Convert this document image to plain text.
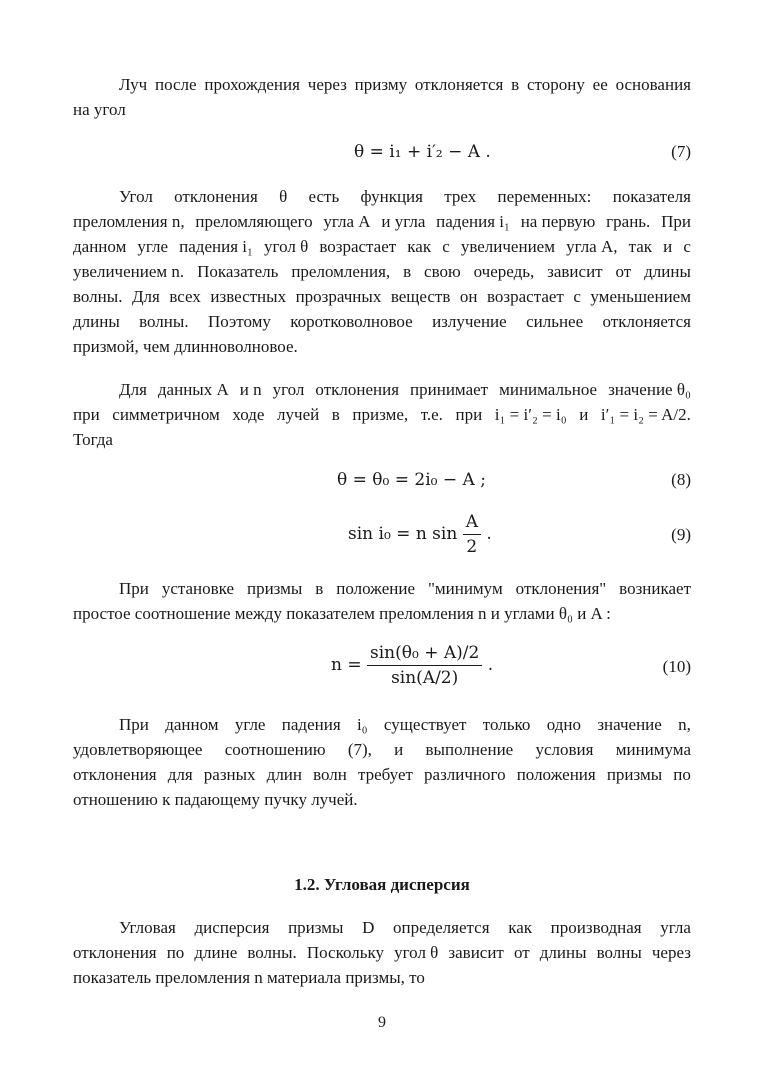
Луч после прохождения через призму отклоняется в сторону ее основания
на угол
θ = i₁ + i′₂ − A .	(7)
Угол отклонения θ есть функция трех переменных: показателя
преломления n, преломляющего угла A и угла падения i₁ на первую грань. При
данном угле падения i₁ угол θ возрастает как с увеличением угла A, так и с
увеличением n. Показатель преломления, в свою очередь, зависит от длины
волны. Для всех известных прозрачных веществ он возрастает с уменьшением
длины волны. Поэтому коротковолновое излучение сильнее отклоняется
призмой, чем длинноволновое.
Для данных A и n угол отклонения принимает минимальное значение θ₀
при симметричном ходе лучей в призме, т.е. при i₁ = i′₂ = i₀ и i′₁ = i₂ = A/2.
Тогда
θ = θ₀ = 2i₀ − A ;	(8)
sin i₀ = n $\sin \frac{A}{2}$ .	(9)
При установке призмы в положение "минимум отклонения" возникает
простое соотношение между показателем преломления n и углами θ₀ и A :
$n = \frac{\text{sin(θ₀ + A)/2}}{\sin(A/2)}$ .	(10)
При данном угле падения i₀ существует только одно значение n,
удовлетворяющее соотношению (7), и выполнение условия минимума
отклонения для разных длин волн требует различного положения призмы по
отношению к падающему пучку лучей.
1.2. Угловая дисперсия
Угловая дисперсия призмы D определяется как производная угла
отклонения по длине волны. Поскольку угол θ зависит от длины волны через
показатель преломления n материала призмы, то
9
